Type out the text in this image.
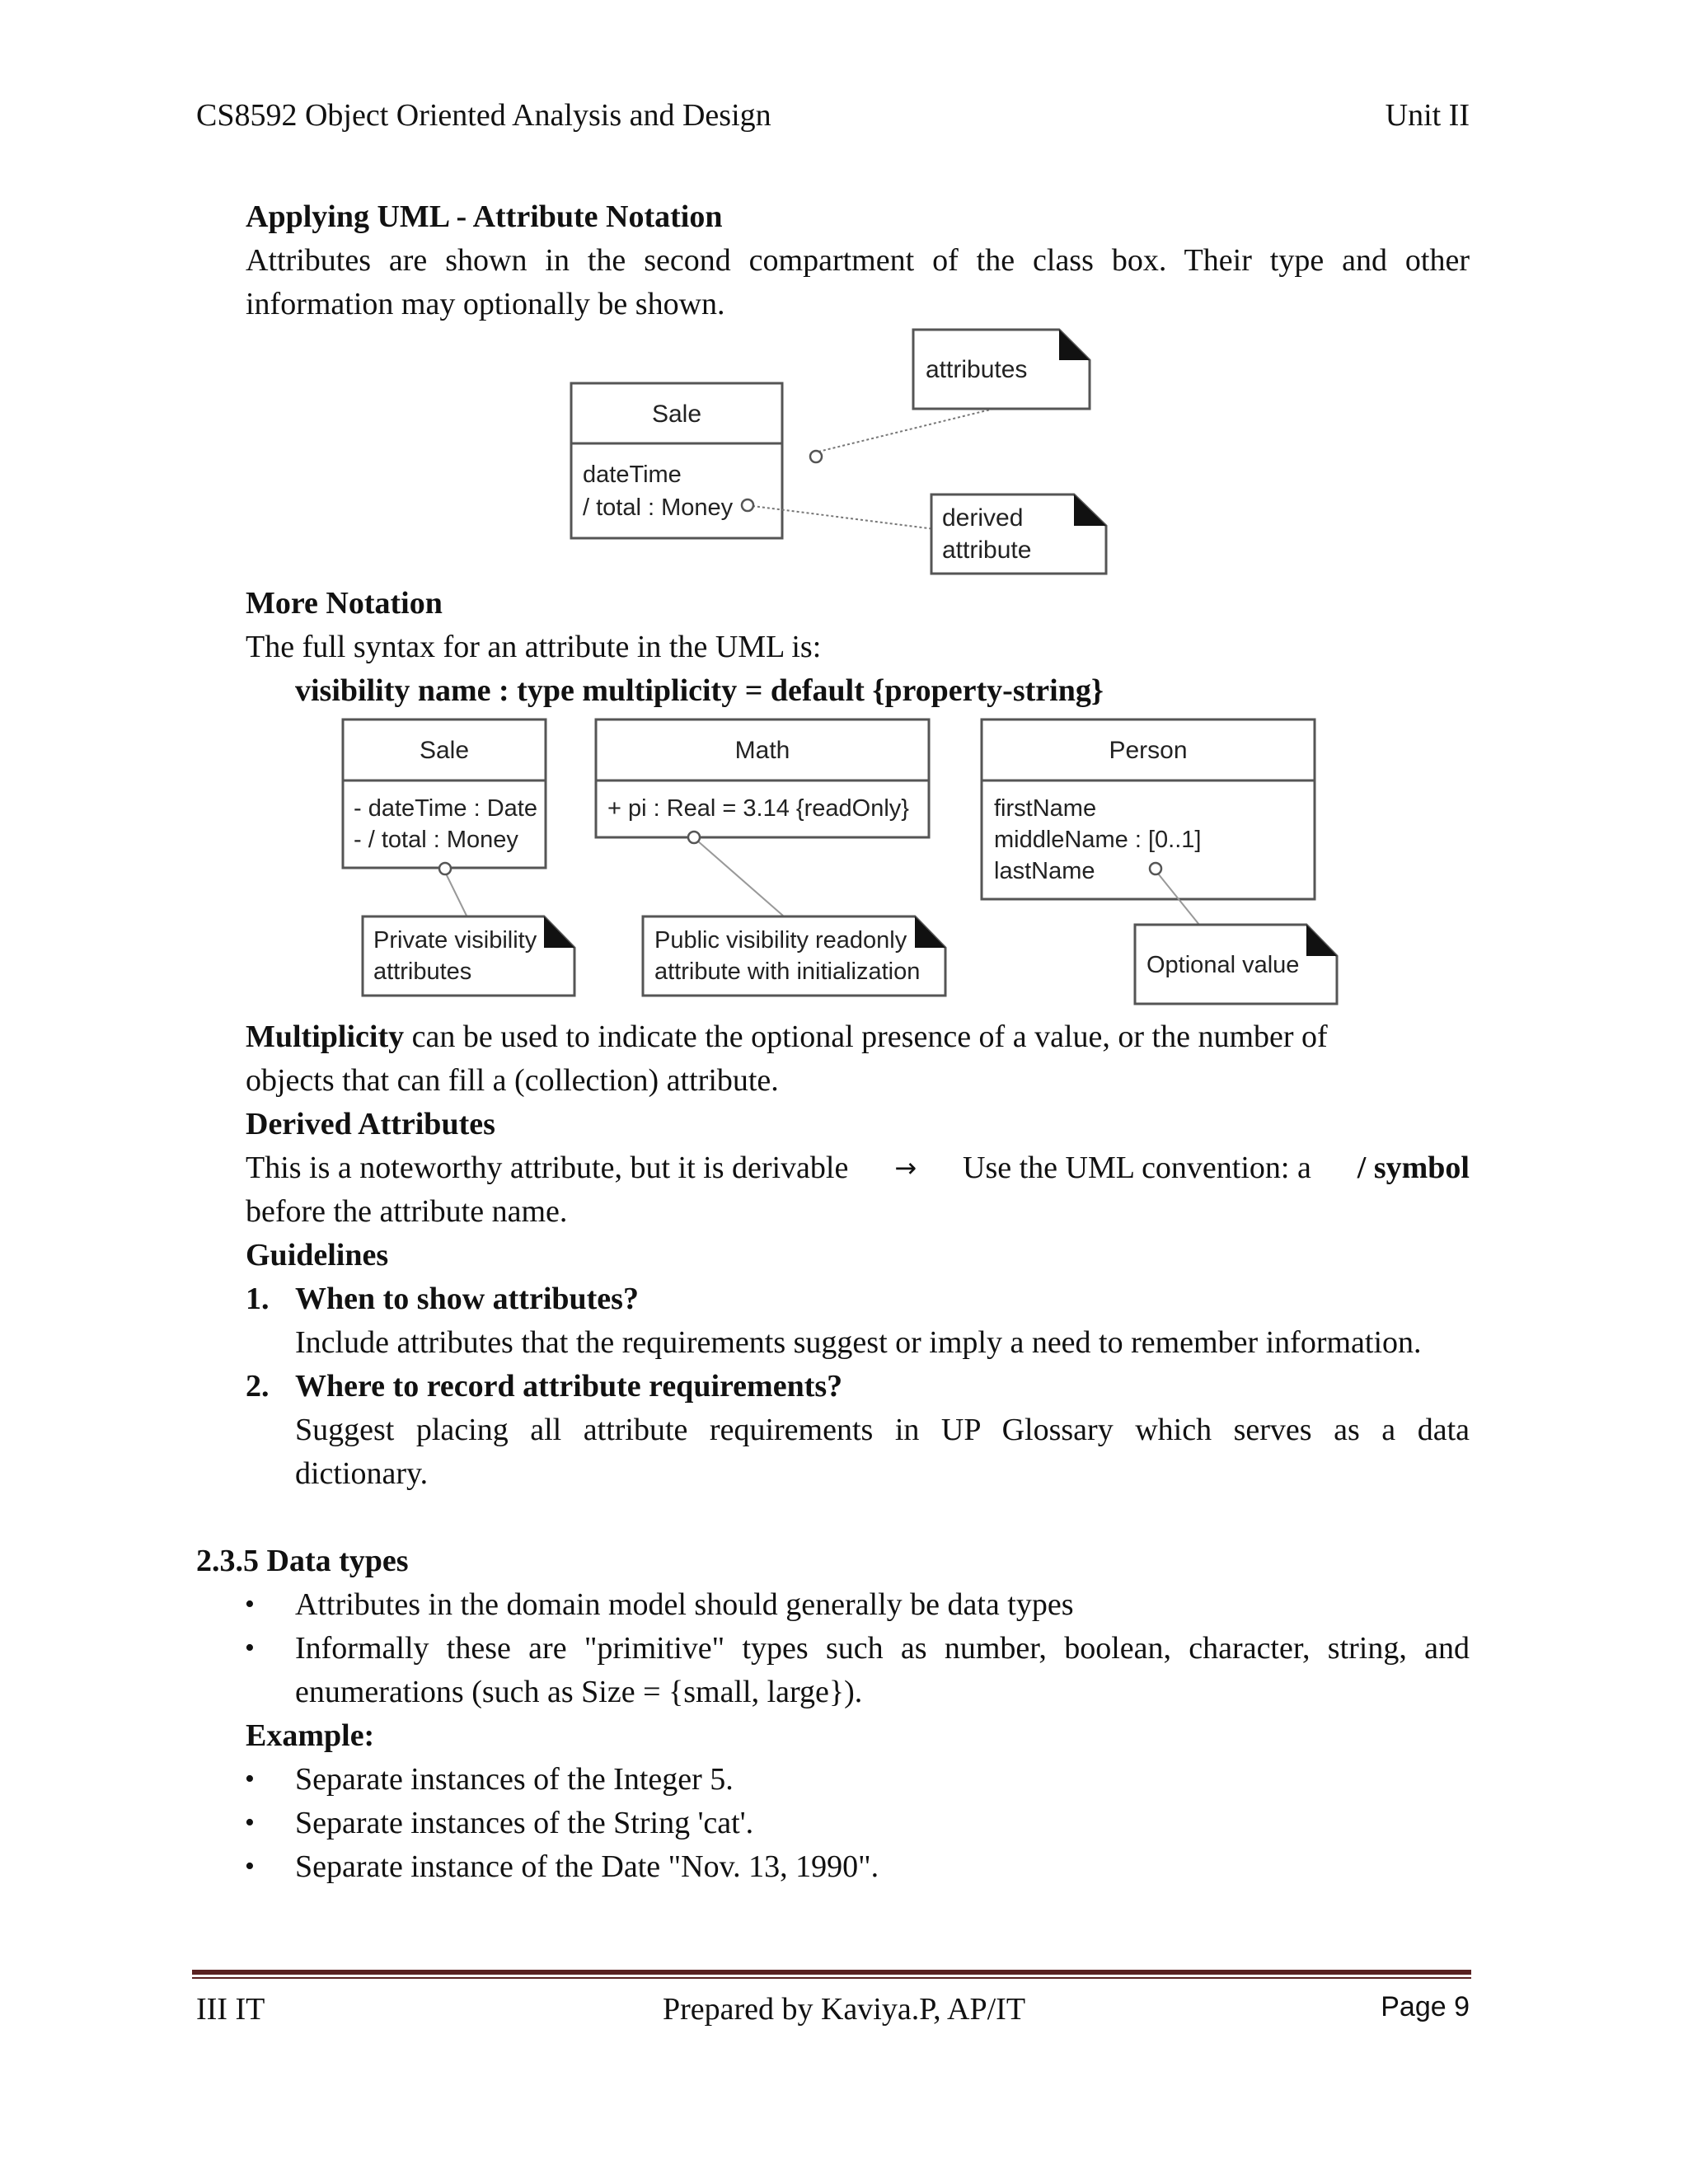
CS8592 Object Oriented Analysis and Design	Unit II
Applying UML - Attribute Notation
Attributes are shown in the second compartment of the class box. Their type and other
information may optionally be shown.
Sale
dateTime
/ total : Money
attributes
derived
attribute
Sale
- dateTime : Date
- / total : Money
Private visibility
attributes
Math
+ pi : Real = 3.14 {readOnly}
Public visibility readonly
attribute with initialization
Person
firstName
middleName : [0..1]
lastName
Optional value
More Notation
The full syntax for an attribute in the UML is:
visibility name : type multiplicity = default {property-string}
Multiplicity can be used to indicate the optional presence of a value, or the number of
objects that can fill a (collection) attribute.
Derived Attributes
This is a noteworthy attribute, but it is derivable → Use the UML convention: a / symbol
before the attribute name.
Guidelines
1. When to show attributes?
Include attributes that the requirements suggest or imply a need to remember information.
2. Where to record attribute requirements?
Suggest placing all attribute requirements in UP Glossary which serves as a data
dictionary.
2.3.5 Data types
• Attributes in the domain model should generally be data types
• Informally these are "primitive" types such as number, boolean, character, string, and
enumerations (such as Size = {small, large}).
Example:
• Separate instances of the Integer 5.
• Separate instances of the String 'cat'.
• Separate instance of the Date "Nov. 13, 1990".
III IT	Prepared by Kaviya.P, AP/IT	Page 9
